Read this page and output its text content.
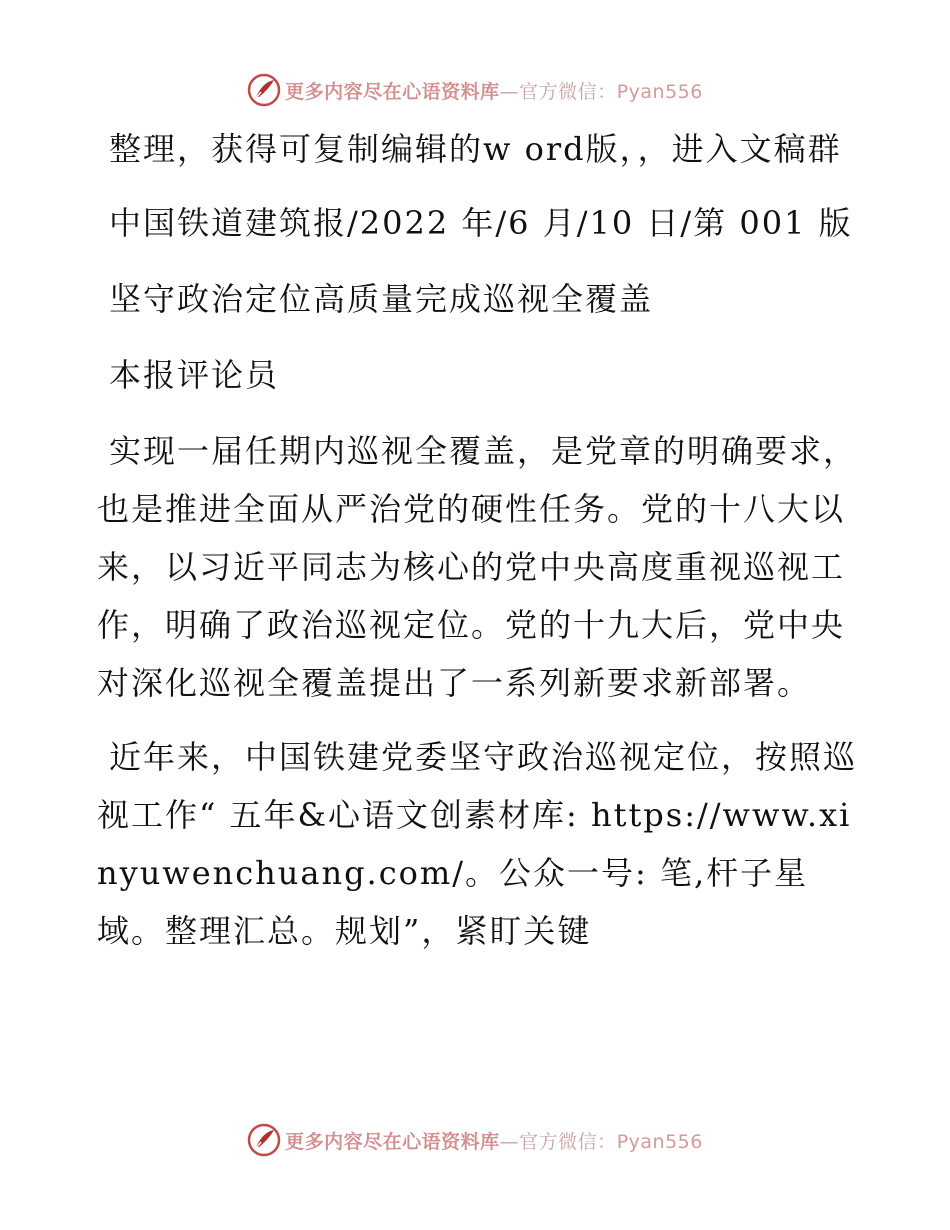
更多内容尽在心语资料库—官方微信：Pyan556

整理，获得可复制编辑的w ord版，，进入文稿群

中国铁道建筑报/2022 年/6 月/10 日/第 001 版

坚守政治定位高质量完成巡视全覆盖

本报评论员

实现一届任期内巡视全覆盖，是党章的明确要求，也是推进全面从严治党的硬性任务。党的十八大以来，以习近平同志为核心的党中央高度重视巡视工作，明确了政治巡视定位。党的十九大后，党中央对深化巡视全覆盖提出了一系列新要求新部署。

近年来，中国铁建党委坚守政治巡视定位，按照巡视工作“ 五年&心语文创素材库: https://www.xinyuwenchuang.com/。公众一号: 笔,杆子星域。整理汇总。规划”，紧盯关键

更多内容尽在心语资料库—官方微信：Pyan556
